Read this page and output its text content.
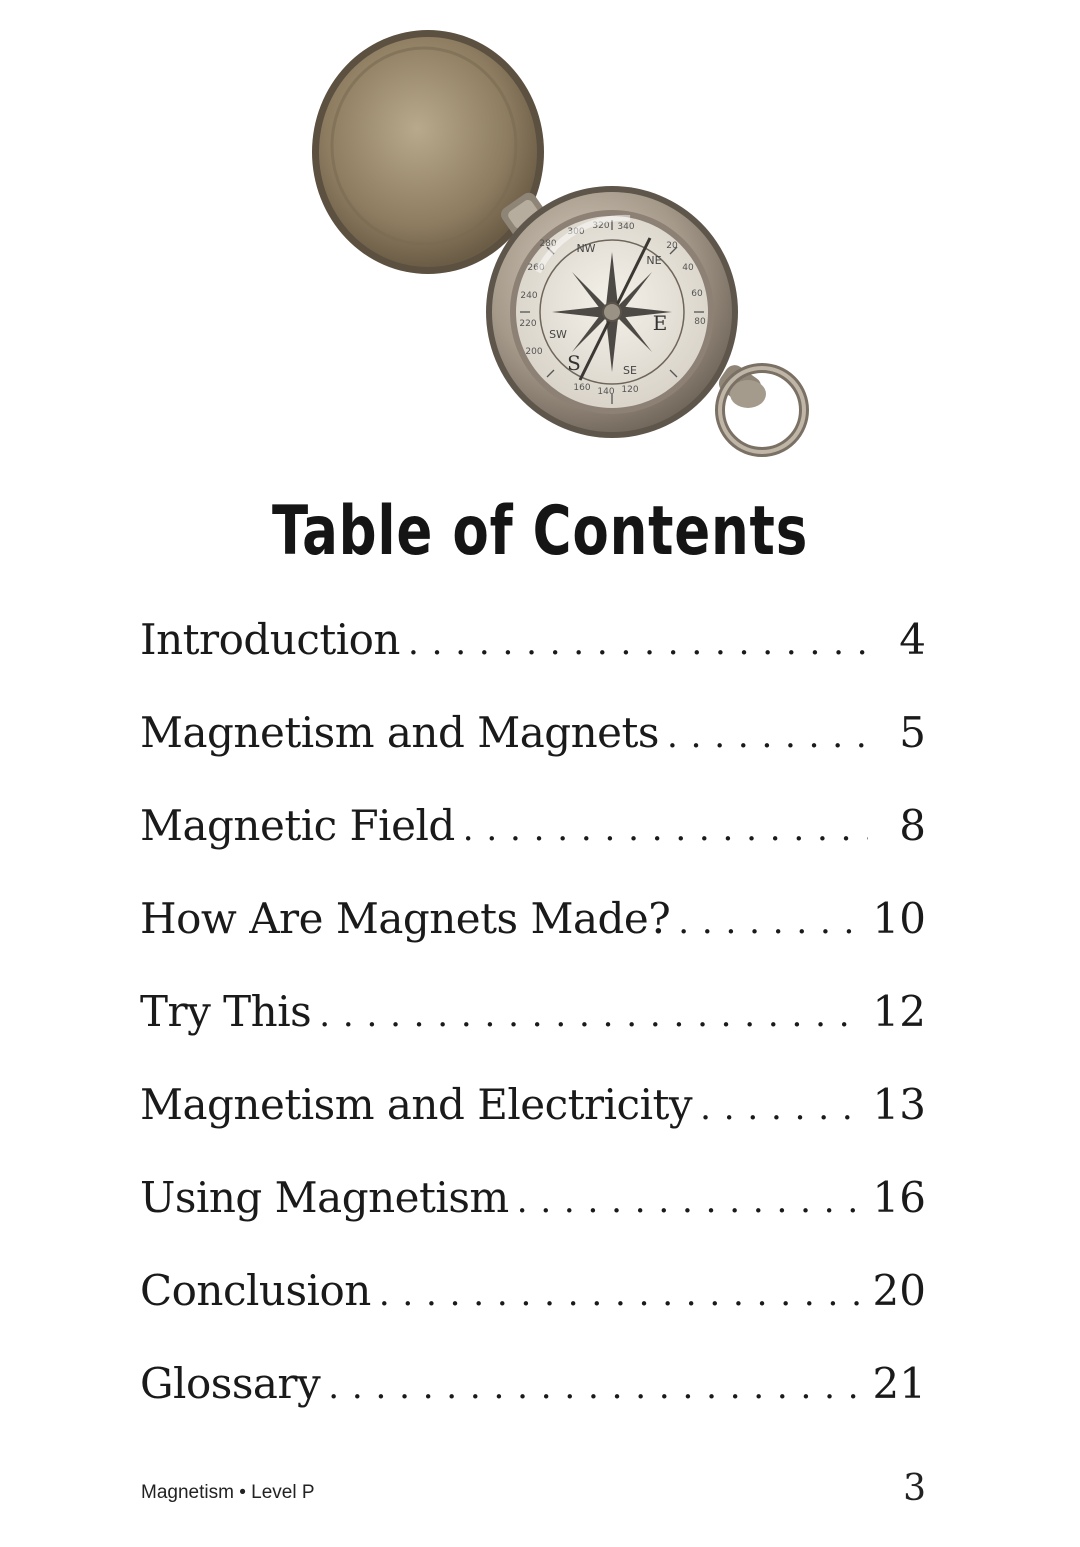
300
320 340
20
40
60
80
280
260
240
220
200
160 140 120
NW
NE
SW
SE
S
E
Table of Contents
Introduction . . .	4
Magnetism and Magnets . . .	5
Magnetic Field . . .	8
How Are Magnets Made? . . .	10
Try This . . .	12
Magnetism and Electricity . . .	13
Using Magnetism . . .	16
Conclusion . . .	20
Glossary . . .	21
Magnetism • Level P	3
